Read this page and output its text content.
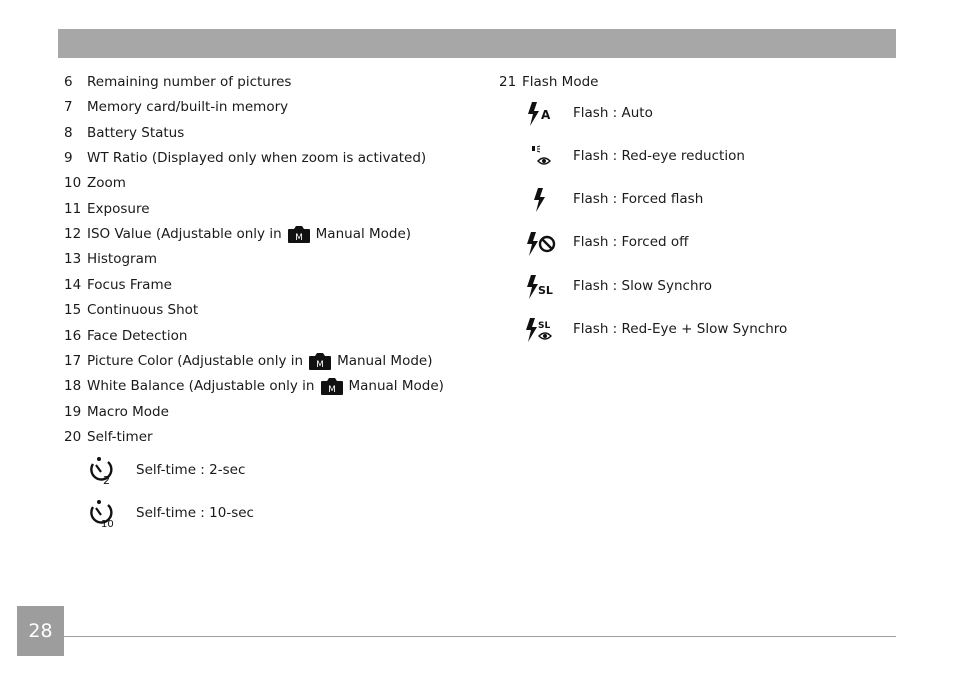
6	Remaining number of pictures
7	Memory card/built-in memory
8	Battery Status
9	WT Ratio (Displayed only when zoom is activated)
10 Zoom
11 Exposure
12 ISO Value (Adjustable only in M Manual Mode)
13 Histogram
14 Focus Frame
15 Continuous Shot
16 Face Detection
17 Picture Color (Adjustable only in M Manual Mode)
18 White Balance (Adjustable only in M Manual Mode)
19 Macro Mode
20 Self-timer
2
Self-time : 2-sec
10
Self-time : 10-sec
21 Flash Mode
A Flash : Auto
Flash : Red-eye reduction
Flash : Forced flash
Flash : Forced off
SL Flash : Slow Synchro
SL Flash : Red-Eye + Slow Synchro
28
